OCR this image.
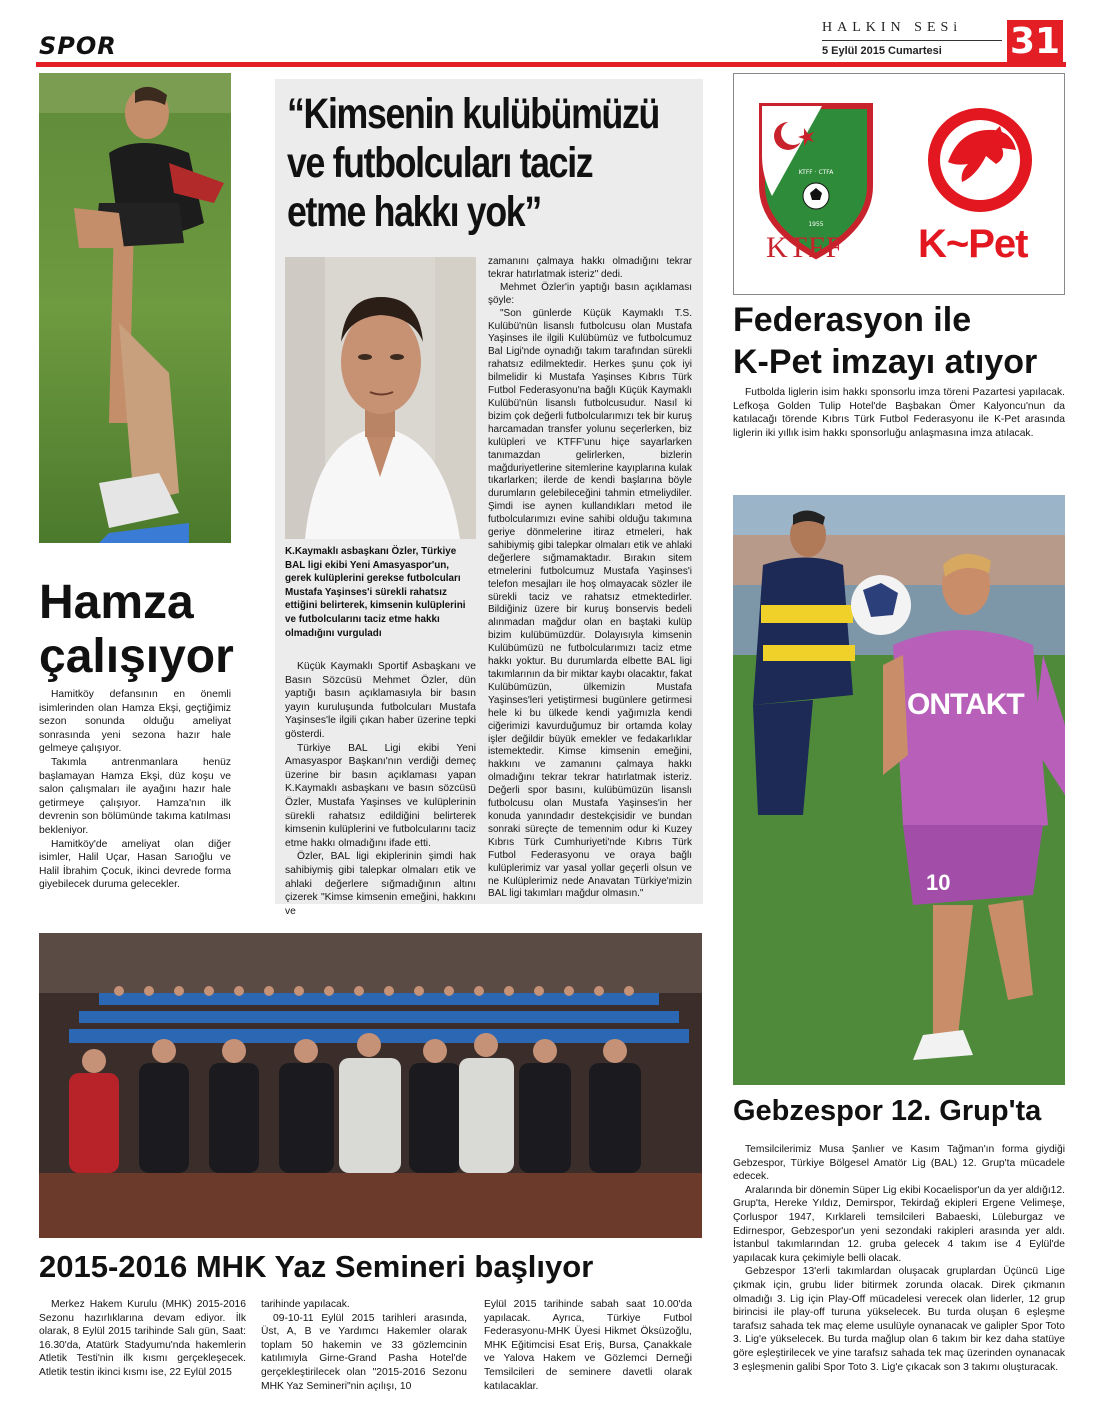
SPOR
HALKIN SESi
5 Eylül 2015 Cumartesi 31
Hamza
çalışıyor

Hamitköy defansının en önemli isimlerinden olan Hamza Ekşi, geçtiğimiz sezon sonunda olduğu ameliyat sonrasında yeni sezona hazır hale gelmeye çalışıyor.

Takımla antrenmanlara henüz başlamayan Hamza Ekşi, düz koşu ve salon çalışmaları ile ayağını hazır hale getirmeye çalışıyor. Hamza'nın ilk devrenin son bölümünde takıma katılması bekleniyor.

Hamitköy'de ameliyat olan diğer isimler, Halil Uçar, Hasan Sarıoğlu ve Halil İbrahim Çocuk, ikinci devrede forma giyebilecek duruma gelecekler.

“Kimsenin kulübümüzü
ve futbolcuları taciz
etme hakkı yok”
K.Kaymaklı asbaşkanı Özler, Türkiye BAL ligi ekibi Yeni Amasyaspor'un, gerek kulüplerini gerekse futbolcuları Mustafa Yaşinses'i sürekli rahatsız ettiğini belirterek, kimsenin kulüplerini ve futbolcularını taciz etme hakkı olmadığını vurguladı

Küçük Kaymaklı Sportif Asbaşkanı ve Basın Sözcüsü Mehmet Özler, dün yaptığı basın açıklamasıyla bir basın yayın kuruluşunda futbolcuları Mustafa Yaşinses'le ilgili çıkan haber üzerine tepki gösterdi.

Türkiye BAL Ligi ekibi Yeni Amasyaspor Başkanı'nın verdiği demeç üzerine bir basın açıklaması yapan K.Kaymaklı asbaşkanı ve basın sözcüsü Özler, Mustafa Yaşinses ve kulüplerinin sürekli rahatsız edildiğini belirterek kimsenin kulüplerini ve futbolcularını taciz etme hakkı olmadığını ifade etti.

Özler, BAL ligi ekiplerinin şimdi hak sahibiymiş gibi talepkar olmaları etik ve ahlaki değerlere sığmadığının altını çizerek "Kimse kimsenin emeğini, hakkını ve

zamanını çalmaya hakkı olmadığını tekrar tekrar hatırlatmak isteriz" dedi.

Mehmet Özler'in yaptığı basın açıklaması şöyle:

"Son günlerde Küçük Kaymaklı T.S. Kulübü'nün lisanslı futbolcusu olan Mustafa Yaşinses ile ilgili Kulübümüz ve futbolcumuz Bal Ligi'nde oynadığı takım tarafından sürekli rahatsız edilmektedir. Herkes şunu çok iyi bilmelidir ki Mustafa Yaşinses Kıbrıs Türk Futbol Federasyonu'na bağlı Küçük Kaymaklı Kulübü'nün lisanslı futbolcusudur. Nasıl ki bizim çok değerli futbolcularımızı tek bir kuruş harcamadan transfer yolunu seçerlerken, biz kulüpleri ve KTFF'unu hiçe sayarlarken tanımazdan gelirlerken, bizlerin mağduriyetlerine sitemlerine kayıplarına kulak tıkarlarken; ilerde de kendi başlarına böyle durumların gelebileceğini tahmin etmeliydiler. Şimdi ise aynen kullandıkları metod ile futbolcularımızı evine sahibi olduğu takımına geriye dönmelerine itiraz etmeleri, hak sahibiymiş gibi talepkar olmaları etik ve ahlaki değerlere sığmamaktadır. Bırakın sitem etmelerini futbolcumuz Mustafa Yaşinses'i telefon mesajları ile hoş olmayacak sözler ile sürekli taciz ve rahatsız etmektedirler. Bildiğiniz üzere bir kuruş bonservis bedeli alınmadan mağdur olan en baştaki kulüp bizim kulübümüzdür. Dolayısıyla kimsenin Kulübümüzü ne futbolcularımızı taciz etme hakkı yoktur. Bu durumlarda elbette BAL ligi takımlarının da bir miktar kaybı olacaktır, fakat Kulübümüzün, ülkemizin Mustafa Yaşinses'leri yetiştirmesi bugünlere getirmesi hele ki bu ülkede kendi yağımızla kendi ciğerimizi kavurduğumuz bir ortamda kolay işler değildir büyük emekler ve fedakarlıklar istemektedir. Kimse kimsenin emeğini, hakkını ve zamanını çalmaya hakkı olmadığını tekrar tekrar hatırlatmak isteriz. Değerli spor basını, kulübümüzün lisanslı futbolcusu olan Mustafa Yaşinses'in her konuda yanındadır destekçisidir ve bundan sonraki süreçte de temennim odur ki Kuzey Kıbrıs Türk Cumhuriyeti'nde Kıbrıs Türk Futbol Federasyonu ve oraya bağlı kulüplerimiz var yasal yollar geçerli olsun ve ne Kulüplerimiz nede Anavatan Türkiye'mizin BAL ligi takımları mağdur olmasın."

KTFF · CTFA
1955
KTFF K~Pet
Federasyon ile
K-Pet imzayı atıyor

Futbolda liglerin isim hakkı sponsorlu imza töreni Pazartesi yapılacak. Lefkoşa Golden Tulip Hotel'de Başbakan Ömer Kalyoncu'nun da katılacağı törende Kıbrıs Türk Futbol Federasyonu ile K-Pet arasında liglerin iki yıllık isim hakkı sponsorluğu anlaşmasına imza atılacak.

ONTAKT
10
Gebzespor 12. Grup'ta

Temsilcilerimiz Musa Şanlıer ve Kasım Tağman'ın forma giydiği Gebzespor, Türkiye Bölgesel Amatör Lig (BAL) 12. Grup'ta mücadele edecek.

Aralarında bir dönemin Süper Lig ekibi Kocaelispor'un da yer aldığı12. Grup'ta, Hereke Yıldız, Demirspor, Tekirdağ ekipleri Ergene Velimeşe, Çorluspor 1947, Kırklareli temsilcileri Babaeski, Lüleburgaz ve Edirnespor, Gebzespor'un yeni sezondaki rakipleri arasında yer aldı. İstanbul takımlarından 12. gruba gelecek 4 takım ise 4 Eylül'de yapılacak kura çekimiyle belli olacak.

Gebzespor 13'erli takımlardan oluşacak gruplardan Üçüncü Lige çıkmak için, grubu lider bitirmek zorunda olacak. Direk çıkmanın olmadığı 3. Lig için Play-Off mücadelesi verecek olan liderler, 12 grup birincisi ile play-off turuna yükselecek. Bu turda oluşan 6 eşleşme tarafsız sahada tek maç eleme usulüyle oynanacak ve galipler Spor Toto 3. Lig'e yükselecek. Bu turda mağlup olan 6 takım bir kez daha statüye göre eşleştirilecek ve yine tarafsız sahada tek maç üzerinden oynanacak 3 eşleşmenin galibi Spor Toto 3. Lig'e çıkacak son 3 takımı oluşturacak.

2015-2016 MHK Yaz Semineri başlıyor

Merkez Hakem Kurulu (MHK) 2015-2016 Sezonu hazırlıklarına devam ediyor. İlk olarak, 8 Eylül 2015 tarihinde Salı gün, Saat: 16.30'da, Atatürk Stadyumu'nda hakemlerin Atletik Testi'nin ilk kısmı gerçekleşecek. Atletik testin ikinci kısmı ise, 22 Eylül 2015

tarihinde yapılacak.

09-10-11 Eylül 2015 tarihleri arasında, Üst, A, B ve Yardımcı Hakemler olarak toplam 50 hakemin ve 33 gözlemcinin katılımıyla Girne-Grand Pasha Hotel'de gerçekleştirilecek olan "2015-2016 Sezonu MHK Yaz Semineri"nin açılışı, 10

Eylül 2015 tarihinde sabah saat 10.00'da yapılacak. Ayrıca, Türkiye Futbol Federasyonu-MHK Üyesi Hikmet Öksüzoğlu, MHK Eğitimcisi Esat Eriş, Bursa, Çanakkale ve Yalova Hakem ve Gözlemci Derneği Temsilcileri de seminere davetli olarak katılacaklar.
